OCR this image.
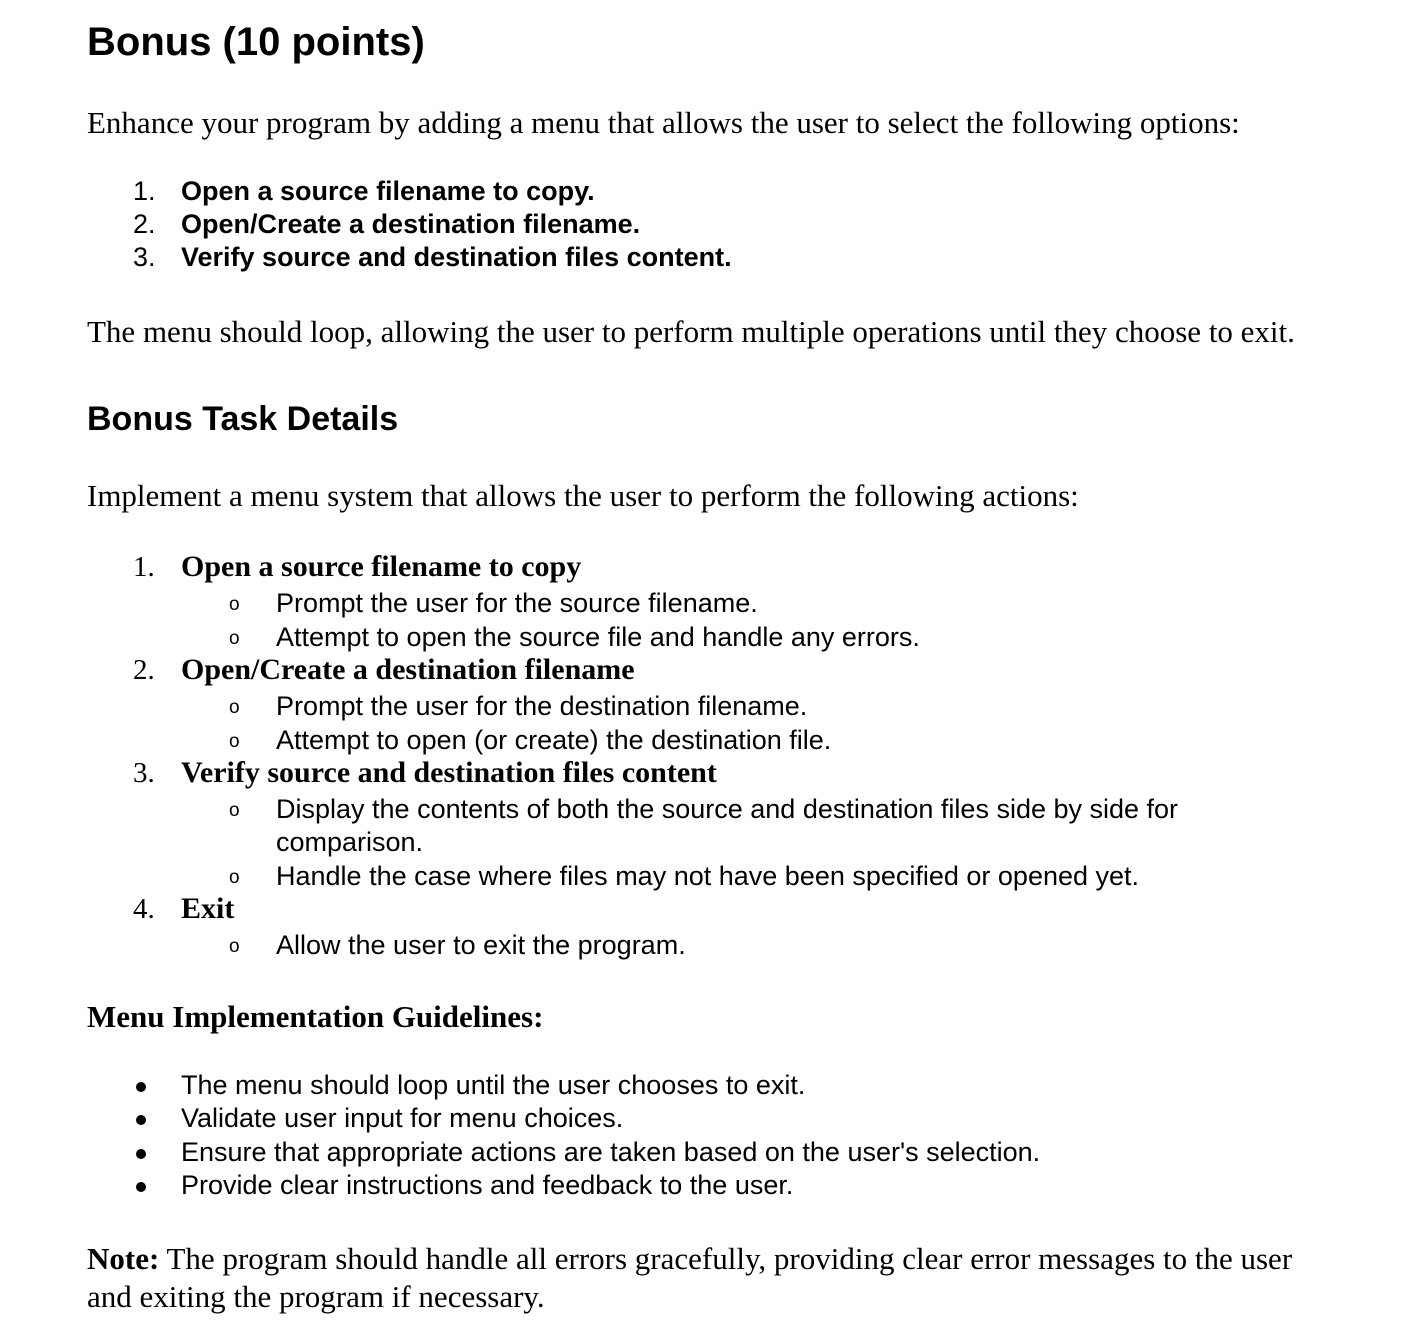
Bonus (10 points)
Enhance your program by adding a menu that allows the user to select the following options:
1. Open a source filename to copy.
2. Open/Create a destination filename.
3. Verify source and destination files content.
The menu should loop, allowing the user to perform multiple operations until they choose to exit.
Bonus Task Details
Implement a menu system that allows the user to perform the following actions:
1. Open a source filename to copy
o Prompt the user for the source filename.
o Attempt to open the source file and handle any errors.
2. Open/Create a destination filename
o Prompt the user for the destination filename.
o Attempt to open (or create) the destination file.
3. Verify source and destination files content
o Display the contents of both the source and destination files side by side for
comparison.
o Handle the case where files may not have been specified or opened yet.
4. Exit
o Allow the user to exit the program.
Menu Implementation Guidelines:
The menu should loop until the user chooses to exit.
Validate user input for menu choices.
Ensure that appropriate actions are taken based on the user's selection.
Provide clear instructions and feedback to the user.
Note: The program should handle all errors gracefully, providing clear error messages to the user and exiting the program if necessary.
